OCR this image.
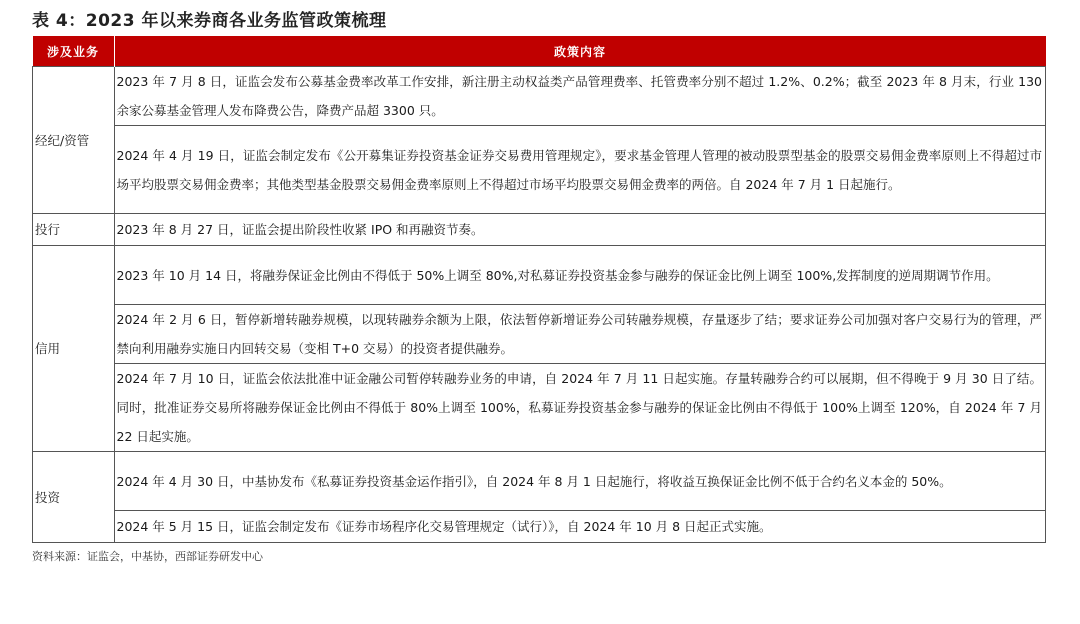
表 4：2023 年以来券商各业务监管政策梳理
涉及业务	政策内容
经纪/资管	2023 年 7 月 8 日，证监会发布公募基金费率改革工作安排，新注册主动权益类产品管理费率、托管费率分别不超过 1.2%、0.2%；截至 2023 年 8 月末，行业 130 余家公募基金管理人发布降费公告，降费产品超 3300 只。
	2024 年 4 月 19 日，证监会制定发布《公开募集证券投资基金证券交易费用管理规定》，要求基金管理人管理的被动股票型基金的股票交易佣金费率原则上不得超过市场平均股票交易佣金费率；其他类型基金股票交易佣金费率原则上不得超过市场平均股票交易佣金费率的两倍。自 2024 年 7 月 1 日起施行。
投行	2023 年 8 月 27 日，证监会提出阶段性收紧 IPO 和再融资节奏。
信用	2023 年 10 月 14 日，将融券保证金比例由不得低于 50%上调至 80%,对私募证券投资基金参与融券的保证金比例上调至 100%,发挥制度的逆周期调节作用。
	2024 年 2 月 6 日，暂停新增转融券规模，以现转融券余额为上限，依法暂停新增证券公司转融券规模，存量逐步了结；要求证券公司加强对客户交易行为的管理，严禁向利用融券实施日内回转交易（变相 T+0 交易）的投资者提供融券。
	2024 年 7 月 10 日，证监会依法批准中证金融公司暂停转融券业务的申请，自 2024 年 7 月 11 日起实施。存量转融券合约可以展期，但不得晚于 9 月 30 日了结。同时，批准证券交易所将融券保证金比例由不得低于 80%上调至 100%，私募证券投资基金参与融券的保证金比例由不得低于 100%上调至 120%，自 2024 年 7 月 22 日起实施。
投资	2024 年 4 月 30 日，中基协发布《私募证券投资基金运作指引》，自 2024 年 8 月 1 日起施行，将收益互换保证金比例不低于合约名义本金的 50%。
	2024 年 5 月 15 日，证监会制定发布《证券市场程序化交易管理规定（试行）》，自 2024 年 10 月 8 日起正式实施。
资料来源：证监会，中基协，西部证券研发中心
